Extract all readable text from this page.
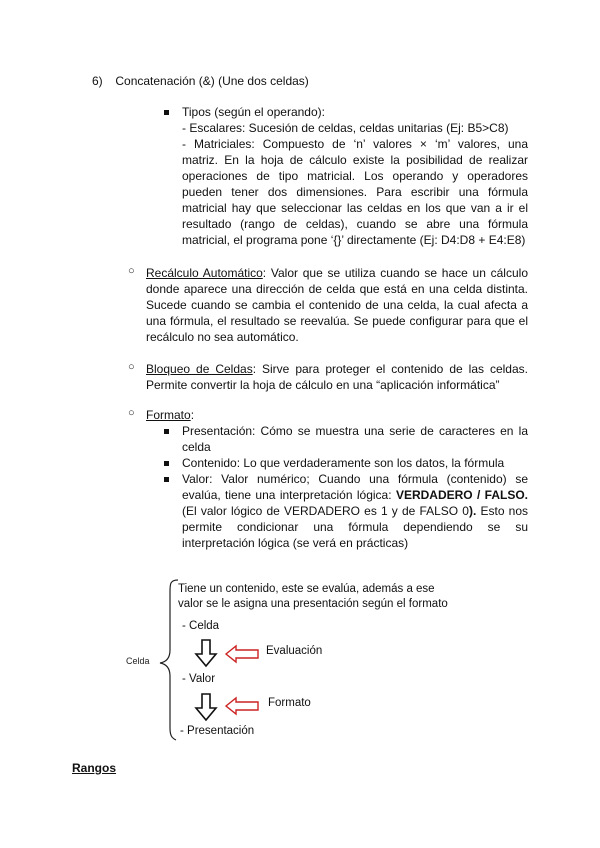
6) Concatenación (&) (Une dos celdas)
Tipos (según el operando):
- Escalares: Sucesión de celdas, celdas unitarias (Ej: B5>C8)
- Matriciales: Compuesto de ‘n’ valores × ‘m’ valores, una
matriz. En la hoja de cálculo existe la posibilidad de realizar
operaciones de tipo matricial. Los operando y operadores
pueden tener dos dimensiones. Para escribir una fórmula
matricial hay que seleccionar las celdas en los que van a ir el
resultado (rango de celdas), cuando se abre una fórmula
matricial, el programa pone ‘{}’ directamente (Ej: D4:D8 + E4:E8)
○ Recálculo Automático: Valor que se utiliza cuando se hace un cálculo
donde aparece una dirección de celda que está en una celda distinta.
Sucede cuando se cambia el contenido de una celda, la cual afecta a
una fórmula, el resultado se reevalúa. Se puede configurar para que el
recálculo no sea automático.
○ Bloqueo de Celdas: Sirve para proteger el contenido de las celdas.
Permite convertir la hoja de cálculo en una “aplicación informática”
○ Formato:
Presentación: Cómo se muestra una serie de caracteres en la
celda
Contenido: Lo que verdaderamente son los datos, la fórmula
Valor: Valor numérico; Cuando una fórmula (contenido) se
evalúa, tiene una interpretación lógica: VERDADERO / FALSO.
(El valor lógico de VERDADERO es 1 y de FALSO 0). Esto nos
permite condicionar una fórmula dependiendo se su
interpretación lógica (se verá en prácticas)
Tiene un contenido, este se evalúa, además a ese
valor se le asigna una presentación según el formato
- Celda
Evaluación
- Valor
Formato
- Presentación
Celda
Rangos
